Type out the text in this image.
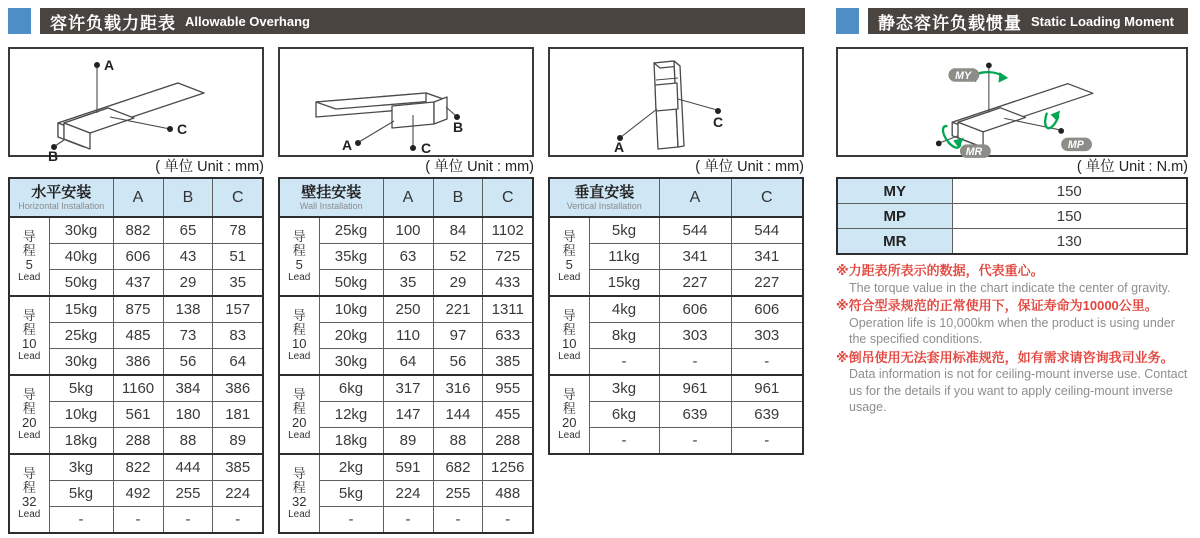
容许负载力距表 Allowable Overhang
A
C
B
( 单位 Unit : mm)
水平安装
Horizontal Installation		A	B	C

导
程
5
Lead	30kg	882	65	78
	40kg	606	43	51
	50kg	437	29	35

导
程
10
Lead	15kg	875	138	157
	25kg	485	73	83
	30kg	386	56	64

导
程
20
Lead	5kg	1160	384	386
	10kg	561	180	181
	18kg	288	88	89

导
程
32
Lead	3kg	822	444	385
	5kg	492	255	224
	-	-	-	-
A
B
C
( 单位 Unit : mm)
壁挂安装
Wall Installation		A	B	C

导
程
5
Lead	25kg	100	84	1102
	35kg	63	52	725
	50kg	35	29	433

导
程
10
Lead	10kg	250	221	1311
	20kg	110	97	633
	30kg	64	56	385

导
程
20
Lead	6kg	317	316	955
	12kg	147	144	455
	18kg	89	88	288

导
程
32
Lead	2kg	591	682	1256
	5kg	224	255	488
	-	-	-	-
A
C
( 单位 Unit : mm)
垂直安装
Vertical Installation		A	C

导
程
5
Lead	5kg	544	544
	11kg	341	341
	15kg	227	227

导
程
10
Lead	4kg	606	606
	8kg	303	303
	-	-	-

导
程
20
Lead	3kg	961	961
	6kg	639	639
	-	-	-
静态容许负载惯量 Static Loading Moment
MY
MP
MR
( 单位 Unit : N.m)
MY	150
MP	150
MR	130
※力距表所表示的数据，代表重心。
The torque value in the chart indicate the center of gravity.
※符合型录规范的正常使用下，保证寿命为10000公里。
Operation life is 10,000km when the product is using under the specified conditions.
※倒吊使用无法套用标准规范，如有需求请咨询我司业务。
Data information is not for ceiling-mount inverse use. Contact us for the details if you want to apply ceiling-mount inverse usage.
